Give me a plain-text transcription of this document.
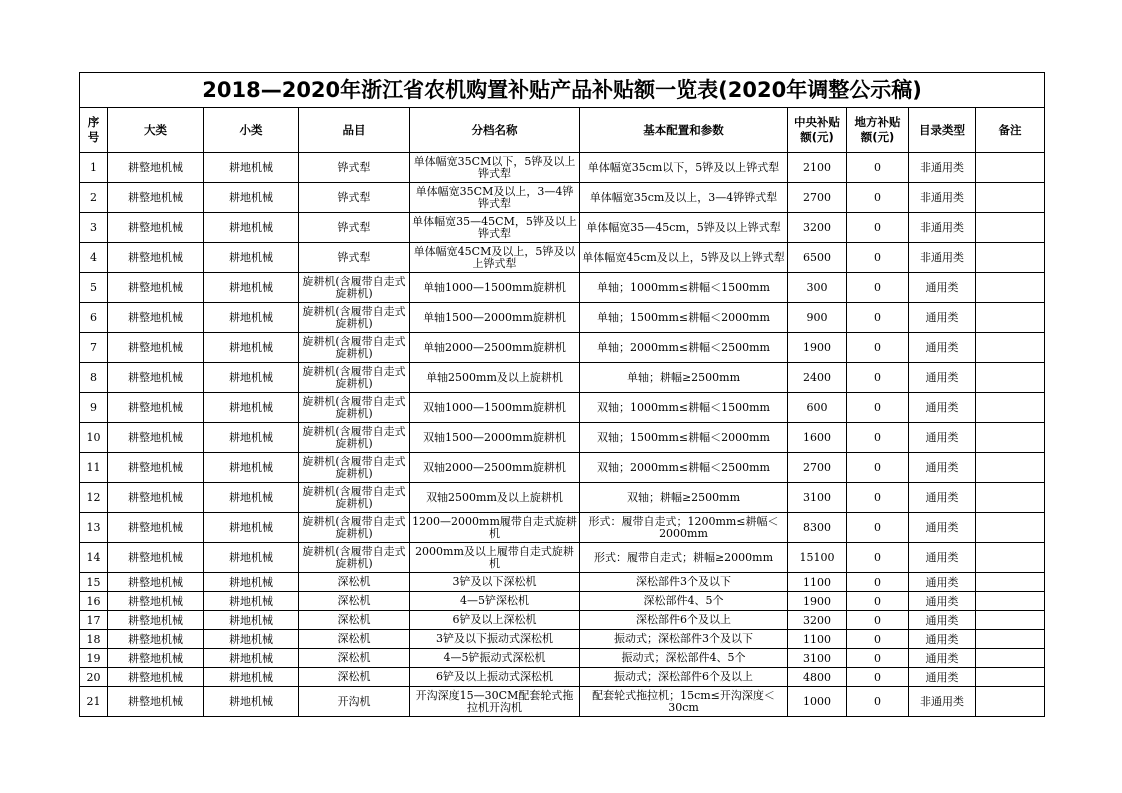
2018—2020年浙江省农机购置补贴产品补贴额一览表(2020年调整公示稿)									
序号	大类	小类	品目	分档名称	基本配置和参数	中央补贴额(元)	地方补贴额(元)	目录类型	备注
1	耕整地机械	耕地机械	铧式犁	单体幅宽35CM以下，5铧及以上铧式犁	单体幅宽35cm以下，5铧及以上铧式犁	2100	0	非通用类	
2	耕整地机械	耕地机械	铧式犁	单体幅宽35CM及以上，3—4铧铧式犁	单体幅宽35cm及以上，3—4铧铧式犁	2700	0	非通用类	
3	耕整地机械	耕地机械	铧式犁	单体幅宽35—45CM，5铧及以上铧式犁	单体幅宽35—45cm，5铧及以上铧式犁	3200	0	非通用类	
4	耕整地机械	耕地机械	铧式犁	单体幅宽45CM及以上，5铧及以上铧式犁	单体幅宽45cm及以上，5铧及以上铧式犁	6500	0	非通用类	
5	耕整地机械	耕地机械	旋耕机(含履带自走式旋耕机)	单轴1000—1500mm旋耕机	单轴；1000mm≤耕幅＜1500mm	300	0	通用类	
6	耕整地机械	耕地机械	旋耕机(含履带自走式旋耕机)	单轴1500—2000mm旋耕机	单轴；1500mm≤耕幅＜2000mm	900	0	通用类	
7	耕整地机械	耕地机械	旋耕机(含履带自走式旋耕机)	单轴2000—2500mm旋耕机	单轴；2000mm≤耕幅＜2500mm	1900	0	通用类	
8	耕整地机械	耕地机械	旋耕机(含履带自走式旋耕机)	单轴2500mm及以上旋耕机	单轴；耕幅≥2500mm	2400	0	通用类	
9	耕整地机械	耕地机械	旋耕机(含履带自走式旋耕机)	双轴1000—1500mm旋耕机	双轴；1000mm≤耕幅＜1500mm	600	0	通用类	
10	耕整地机械	耕地机械	旋耕机(含履带自走式旋耕机)	双轴1500—2000mm旋耕机	双轴；1500mm≤耕幅＜2000mm	1600	0	通用类	
11	耕整地机械	耕地机械	旋耕机(含履带自走式旋耕机)	双轴2000—2500mm旋耕机	双轴；2000mm≤耕幅＜2500mm	2700	0	通用类	
12	耕整地机械	耕地机械	旋耕机(含履带自走式旋耕机)	双轴2500mm及以上旋耕机	双轴；耕幅≥2500mm	3100	0	通用类	
13	耕整地机械	耕地机械	旋耕机(含履带自走式旋耕机)	1200—2000mm履带自走式旋耕机	形式：履带自走式；1200mm≤耕幅＜2000mm	8300	0	通用类	
14	耕整地机械	耕地机械	旋耕机(含履带自走式旋耕机)	2000mm及以上履带自走式旋耕机	形式：履带自走式；耕幅≥2000mm	15100	0	通用类	
15	耕整地机械	耕地机械	深松机	3铲及以下深松机	深松部件3个及以下	1100	0	通用类	
16	耕整地机械	耕地机械	深松机	4—5铲深松机	深松部件4、5个	1900	0	通用类	
17	耕整地机械	耕地机械	深松机	6铲及以上深松机	深松部件6个及以上	3200	0	通用类	
18	耕整地机械	耕地机械	深松机	3铲及以下振动式深松机	振动式；深松部件3个及以下	1100	0	通用类	
19	耕整地机械	耕地机械	深松机	4—5铲振动式深松机	振动式；深松部件4、5个	3100	0	通用类	
20	耕整地机械	耕地机械	深松机	6铲及以上振动式深松机	振动式；深松部件6个及以上	4800	0	通用类	
21	耕整地机械	耕地机械	开沟机	开沟深度15—30CM配套轮式拖拉机开沟机	配套轮式拖拉机；15cm≤开沟深度＜30cm	1000	0	非通用类	
